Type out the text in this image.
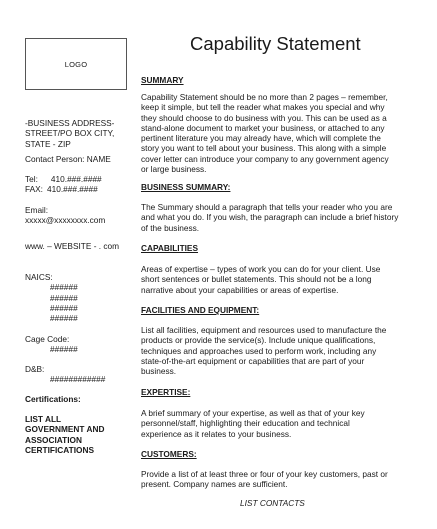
LOGO
Capability Statement
-BUSINESS ADDRESS-
STREET/PO BOX CITY,
STATE - ZIP
Contact Person: NAME
Tel: 410.###.####
FAX: 410.###.####
Email:
xxxxx@xxxxxxxx.com
www. – WEBSITE - . com
NAICS:
######
######
######
######
Cage Code:
######
D&B:
############
Certifications:
LIST ALL
GOVERNMENT AND
ASSOCIATION
CERTIFICATIONS
SUMMARY
Capability Statement should be no more than 2 pages – remember,
keep it simple, but tell the reader what makes you special and why
they should choose to do business with you. This can be used as a
stand-alone document to market your business, or attached to any
pertinent literature you may already have, which will complete the
story you want to tell about your business. This along with a simple
cover letter can introduce your company to any government agency
or large business.
BUSINESS SUMMARY:
The Summary should a paragraph that tells your reader who you are
and what you do. If you wish, the paragraph can include a brief history
of the business.
CAPABILITIES
Areas of expertise – types of work you can do for your client. Use
short sentences or bullet statements. This should not be a long
narrative about your capabilities or areas of expertise.
FACILITIES AND EQUIPMENT:
List all facilities, equipment and resources used to manufacture the
products or provide the service(s). Include unique qualifications,
techniques and approaches used to perform work, including any
state-of-the-art equipment or capabilities that are part of your
business.
EXPERTISE:
A brief summary of your expertise, as well as that of your key
personnel/staff, highlighting their education and technical
experience as it relates to your business.
CUSTOMERS:
Provide a list of at least three or four of your key customers, past or
present. Company names are sufficient.
LIST CONTACTS
